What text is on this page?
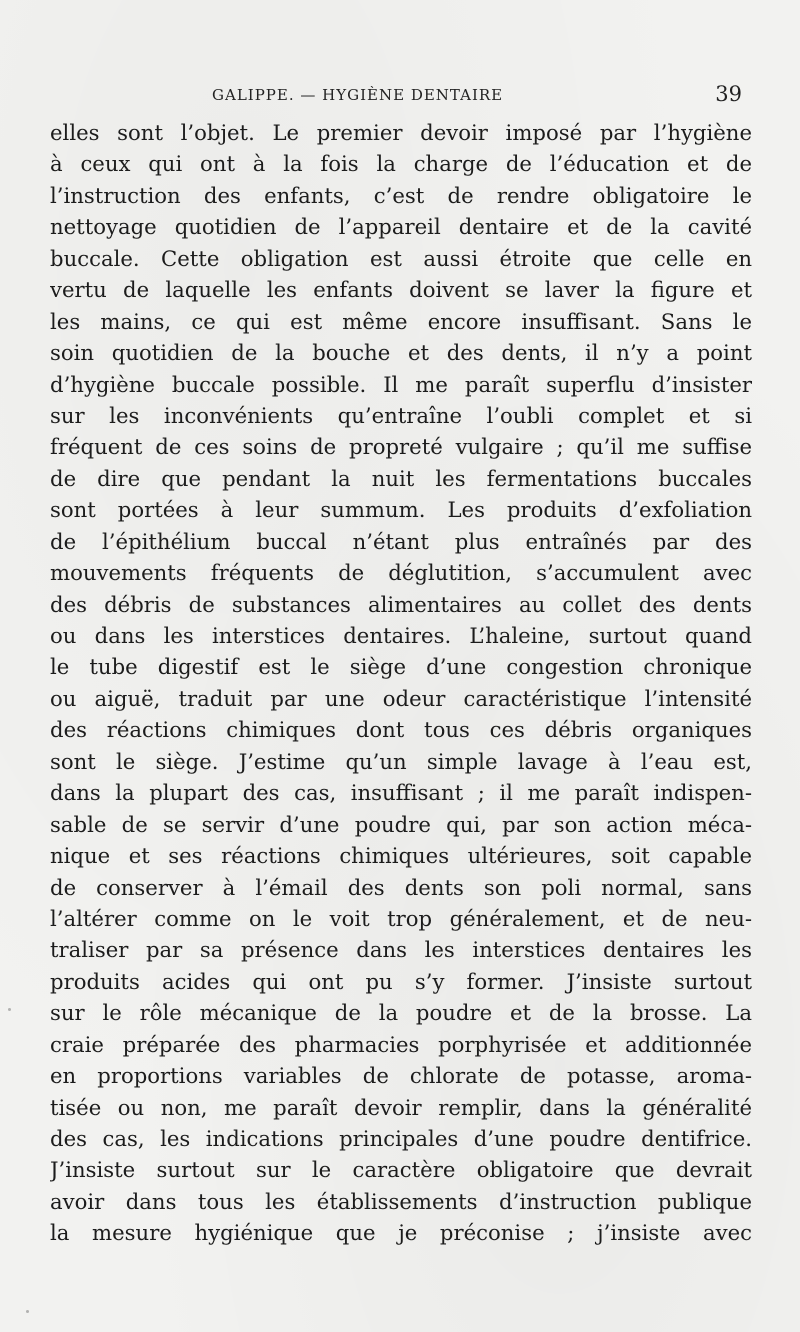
GALIPPE. — HYGIÈNE DENTAIRE	39
elles sont l’objet. Le premier devoir imposé par l’hygiène
à ceux qui ont à la fois la charge de l’éducation et de
l’instruction des enfants, c’est de rendre obligatoire le
nettoyage quotidien de l’appareil dentaire et de la cavité
buccale. Cette obligation est aussi étroite que celle en
vertu de laquelle les enfants doivent se laver la figure et
les mains, ce qui est même encore insuffisant. Sans le
soin quotidien de la bouche et des dents, il n’y a point
d’hygiène buccale possible. Il me paraît superflu d’insister
sur les inconvénients qu’entraîne l’oubli complet et si
fréquent de ces soins de propreté vulgaire ; qu’il me suffise
de dire que pendant la nuit les fermentations buccales
sont portées à leur summum. Les produits d’exfoliation
de l’épithélium buccal n’étant plus entraînés par des
mouvements fréquents de déglutition, s’accumulent avec
des débris de substances alimentaires au collet des dents
ou dans les interstices dentaires. L’haleine, surtout quand
le tube digestif est le siège d’une congestion chronique
ou aiguë, traduit par une odeur caractéristique l’intensité
des réactions chimiques dont tous ces débris organiques
sont le siège. J’estime qu’un simple lavage à l’eau est,
dans la plupart des cas, insuffisant ; il me paraît indispen-
sable de se servir d’une poudre qui, par son action méca-
nique et ses réactions chimiques ultérieures, soit capable
de conserver à l’émail des dents son poli normal, sans
l’altérer comme on le voit trop généralement, et de neu-
traliser par sa présence dans les interstices dentaires les
produits acides qui ont pu s’y former. J’insiste surtout
sur le rôle mécanique de la poudre et de la brosse. La
craie préparée des pharmacies porphyrisée et additionnée
en proportions variables de chlorate de potasse, aroma-
tisée ou non, me paraît devoir remplir, dans la généralité
des cas, les indications principales d’une poudre dentifrice.
J’insiste surtout sur le caractère obligatoire que devrait
avoir dans tous les établissements d’instruction publique
la mesure hygiénique que je préconise ; j’insiste avec
